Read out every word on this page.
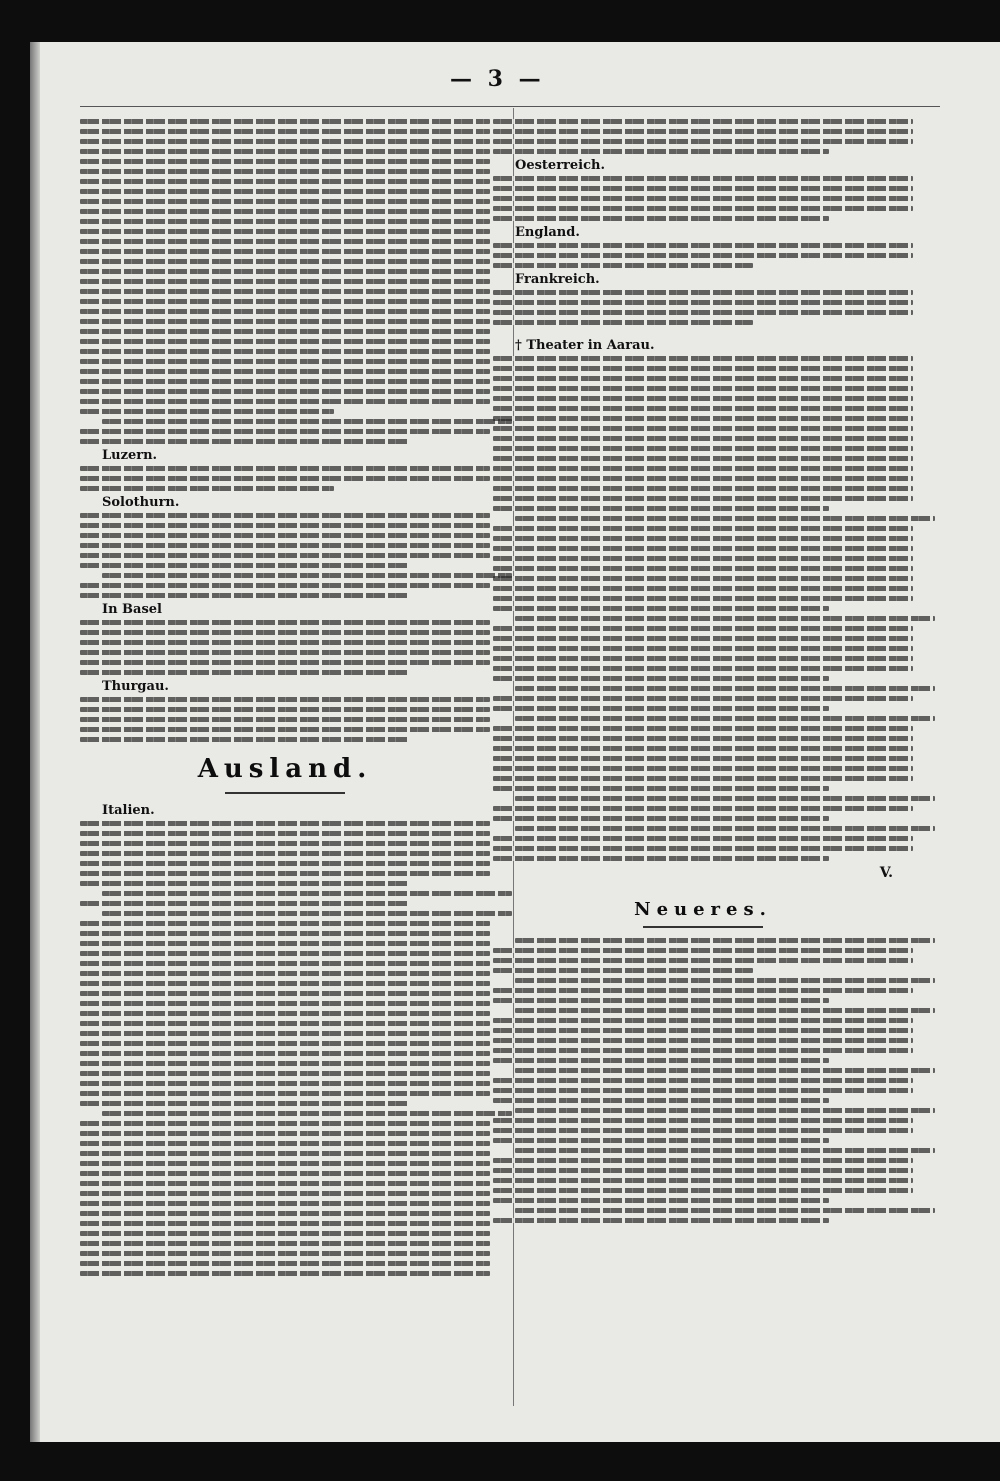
— 3 —
Luzern.
Solothurn.
In Basel
Thurgau.
Ausland.
Italien.
Oesterreich.
England.
Frankreich.
† Theater in Aarau.
V.
Neueres.
